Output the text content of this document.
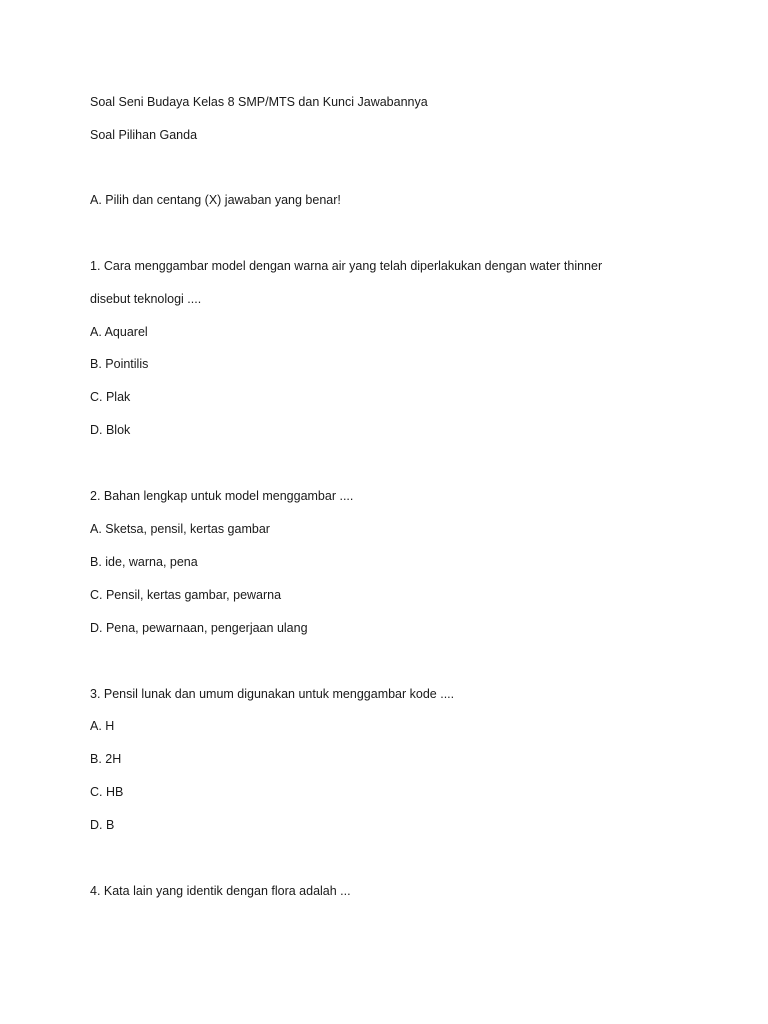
Soal Seni Budaya Kelas 8 SMP/MTS dan Kunci Jawabannya
Soal Pilihan Ganda
A. Pilih dan centang (X) jawaban yang benar!
1. Cara menggambar model dengan warna air yang telah diperlakukan dengan water thinner
disebut teknologi ....
A. Aquarel
B. Pointilis
C. Plak
D. Blok
2. Bahan lengkap untuk model menggambar ....
A. Sketsa, pensil, kertas gambar
B. ide, warna, pena
C. Pensil, kertas gambar, pewarna
D. Pena, pewarnaan, pengerjaan ulang
3. Pensil lunak dan umum digunakan untuk menggambar kode ....
A. H
B. 2H
C. HB
D. B
4. Kata lain yang identik dengan flora adalah ...
